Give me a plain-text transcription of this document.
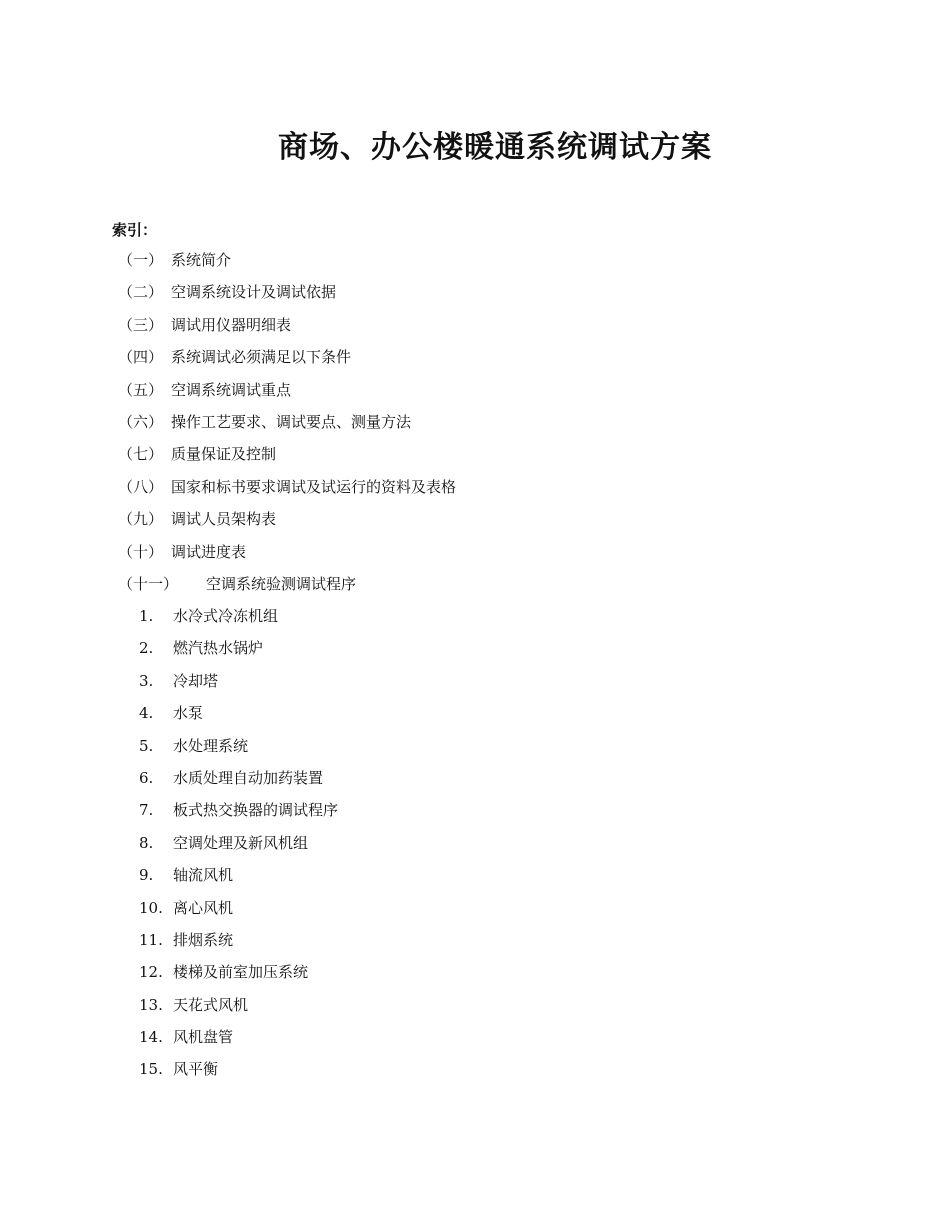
商场、办公楼暖通系统调试方案
索引：
（一） 系统简介
（二） 空调系统设计及调试依据
（三） 调试用仪器明细表
（四） 系统调试必须满足以下条件
（五） 空调系统调试重点
（六） 操作工艺要求、调试要点、测量方法
（七） 质量保证及控制
（八） 国家和标书要求调试及试运行的资料及表格
（九） 调试人员架构表
（十） 调试进度表
（十一）	空调系统验测调试程序
1.	水冷式冷冻机组
2.	燃汽热水锅炉
3.	冷却塔
4.	水泵
5.	水处理系统
6.	水质处理自动加药装置
7.	板式热交换器的调试程序
8.	空调处理及新风机组
9.	轴流风机
10. 离心风机
11. 排烟系统
12. 楼梯及前室加压系统
13. 天花式风机
14. 风机盘管
15. 风平衡
